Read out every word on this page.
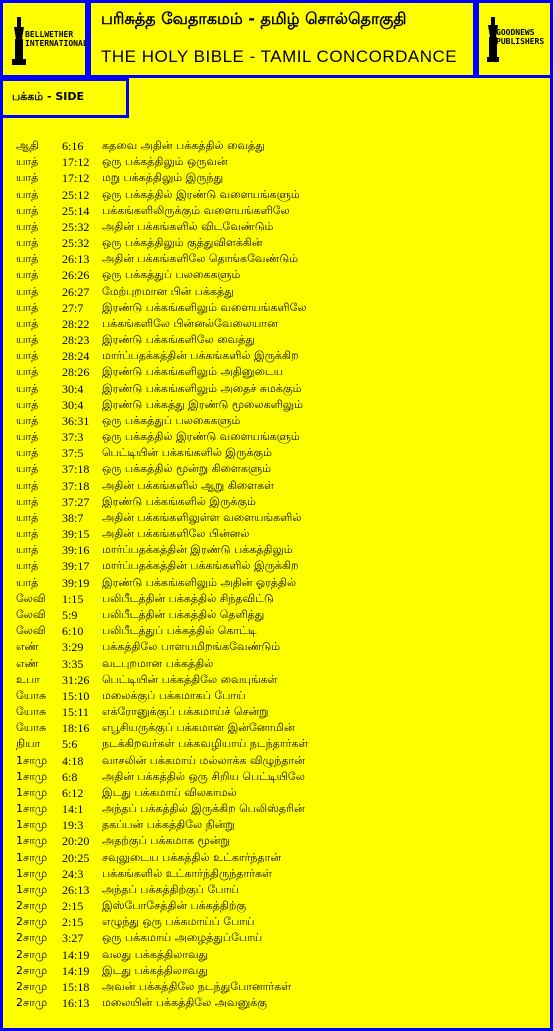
BELLWETHER
INTERNATIONAL
பரிசுத்த வேதாகமம் - தமிழ் சொல்தொகுதி
THE HOLY BIBLE - TAMIL CONCORDANCE
GOODNEWS
PUBLISHERS
பக்கம் - SIDE
ஆதி 6:16 கதவை அதின் பக்கத்தில் வைத்து
யாத் 17:12 ஒரு பக்கத்திலும் ஒருவன்
யாத் 17:12 மறு பக்கத்திலும் இருந்து
யாத் 25:12 ஒரு பக்கத்தில் இரண்டு வளையங்களும்
யாத் 25:14 பக்கங்களிலிருக்கும் வளையங்களிலே
யாத் 25:32 அதின் பக்கங்களில் விடவேண்டும்
யாத் 25:32 ஒரு பக்கத்திலும் குத்துவிளக்கின்
யாத் 26:13 அதின் பக்கங்களிலே தொங்கவேண்டும்
யாத் 26:26 ஒரு பக்கத்துப் பலகைகளும்
யாத் 26:27 மேற்புறமான பின் பக்கத்து
யாத் 27:7 இரண்டு பக்கங்களிலும் வளையங்களிலே
யாத் 28:22 பக்கங்களிலே பின்னல்வேலையான
யாத் 28:23 இரண்டு பக்கங்களிலே வைத்து
யாத் 28:24 மார்ப்பதக்கத்தின் பக்கங்களில் இருக்கிற
யாத் 28:26 இரண்டு பக்கங்களிலும் அதினுடைய
யாத் 30:4 இரண்டு பக்கங்களிலும் அதைச் சுமக்கும்
யாத் 30:4 இரண்டு பக்கத்து இரண்டு மூலைகளிலும்
யாத் 36:31 ஒரு பக்கத்துப் பலகைகளும்
யாத் 37:3 ஒரு பக்கத்தில் இரண்டு வளையங்களும்
யாத் 37:5 பெட்டியின் பக்கங்களில் இருக்கும்
யாத் 37:18 ஒரு பக்கத்தில் மூன்று கிளைகளும்
யாத் 37:18 அதின் பக்கங்களில் ஆறு கிளைகள்
யாத் 37:27 இரண்டு பக்கங்களில் இருக்கும்
யாத் 38:7 அதின் பக்கங்களிலுள்ள வளையங்களில்
யாத் 39:15 அதின் பக்கங்களிலே பின்னல்
யாத் 39:16 மார்ப்பதக்கத்தின் இரண்டு பக்கத்திலும்
யாத் 39:17 மார்ப்பதக்கத்தின் பக்கங்களில் இருக்கிற
யாத் 39:19 இரண்டு பக்கங்களிலும் அதின் ஓரத்தில்
லேவி 1:15 பலிபீடத்தின் பக்கத்தில் சிந்தவிட்டு
லேவி 5:9 பலிபீடத்தின் பக்கத்தில் தெளித்து
லேவி 6:10 பலிபீடத்துப் பக்கத்தில் கொட்டி
எண் 3:29 பக்கத்திலே பாளயமிறங்கவேண்டும்
எண் 3:35 வடபுறமான பக்கத்தில்
உபா 31:26 பெட்டியின் பக்கத்திலே வையுங்கள்
யோசு 15:10 மலைக்குப் பக்கமாகப் போய்
யோசு 15:11 எக்ரோனுக்குப் பக்கமாய்ச் சென்று
யோசு 18:16 எபூசியருக்குப் பக்கமான இன்னோமின்
நியா 5:6 நடக்கிறவர்கள் பக்கவழியாய் நடந்தார்கள்
1சாமு 4:18 வாசலின் பக்கமாய் மல்லாக்க விழுந்தான்
1சாமு 6:8 அதின் பக்கத்தில் ஒரு சிறிய பெட்டியிலே
1சாமு 6:12 இடது பக்கமாய் விலகாமல்
1சாமு 14:1 அந்தப் பக்கத்தில் இருக்கிற பெலிஸ்தரின்
1சாமு 19:3 தகப்பன் பக்கத்திலே நின்று
1சாமு 20:20 அதற்குப் பக்கமாக மூன்று
1சாமு 20:25 சவுலுடைய பக்கத்தில் உட்கார்ந்தான்
1சாமு 24:3 பக்கங்களில் உட்கார்ந்திருந்தார்கள்
1சாமு 26:13 அந்தப் பக்கத்திற்குப் போய்
2சாமு 2:15 இஸ்போசேத்தின் பக்கத்திற்கு
2சாமு 2:15 எழுந்து ஒரு பக்கமாய்ப் போய்
2சாமு 3:27 ஒரு பக்கமாய் அழைத்துப்போய்
2சாமு 14:19 வலது பக்கத்திலாவது
2சாமு 14:19 இடது பக்கத்திலாவது
2சாமு 15:18 அவன் பக்கத்திலே நடந்துபோனார்கள்
2சாமு 16:13 மலையின் பக்கத்திலே அவனுக்கு
